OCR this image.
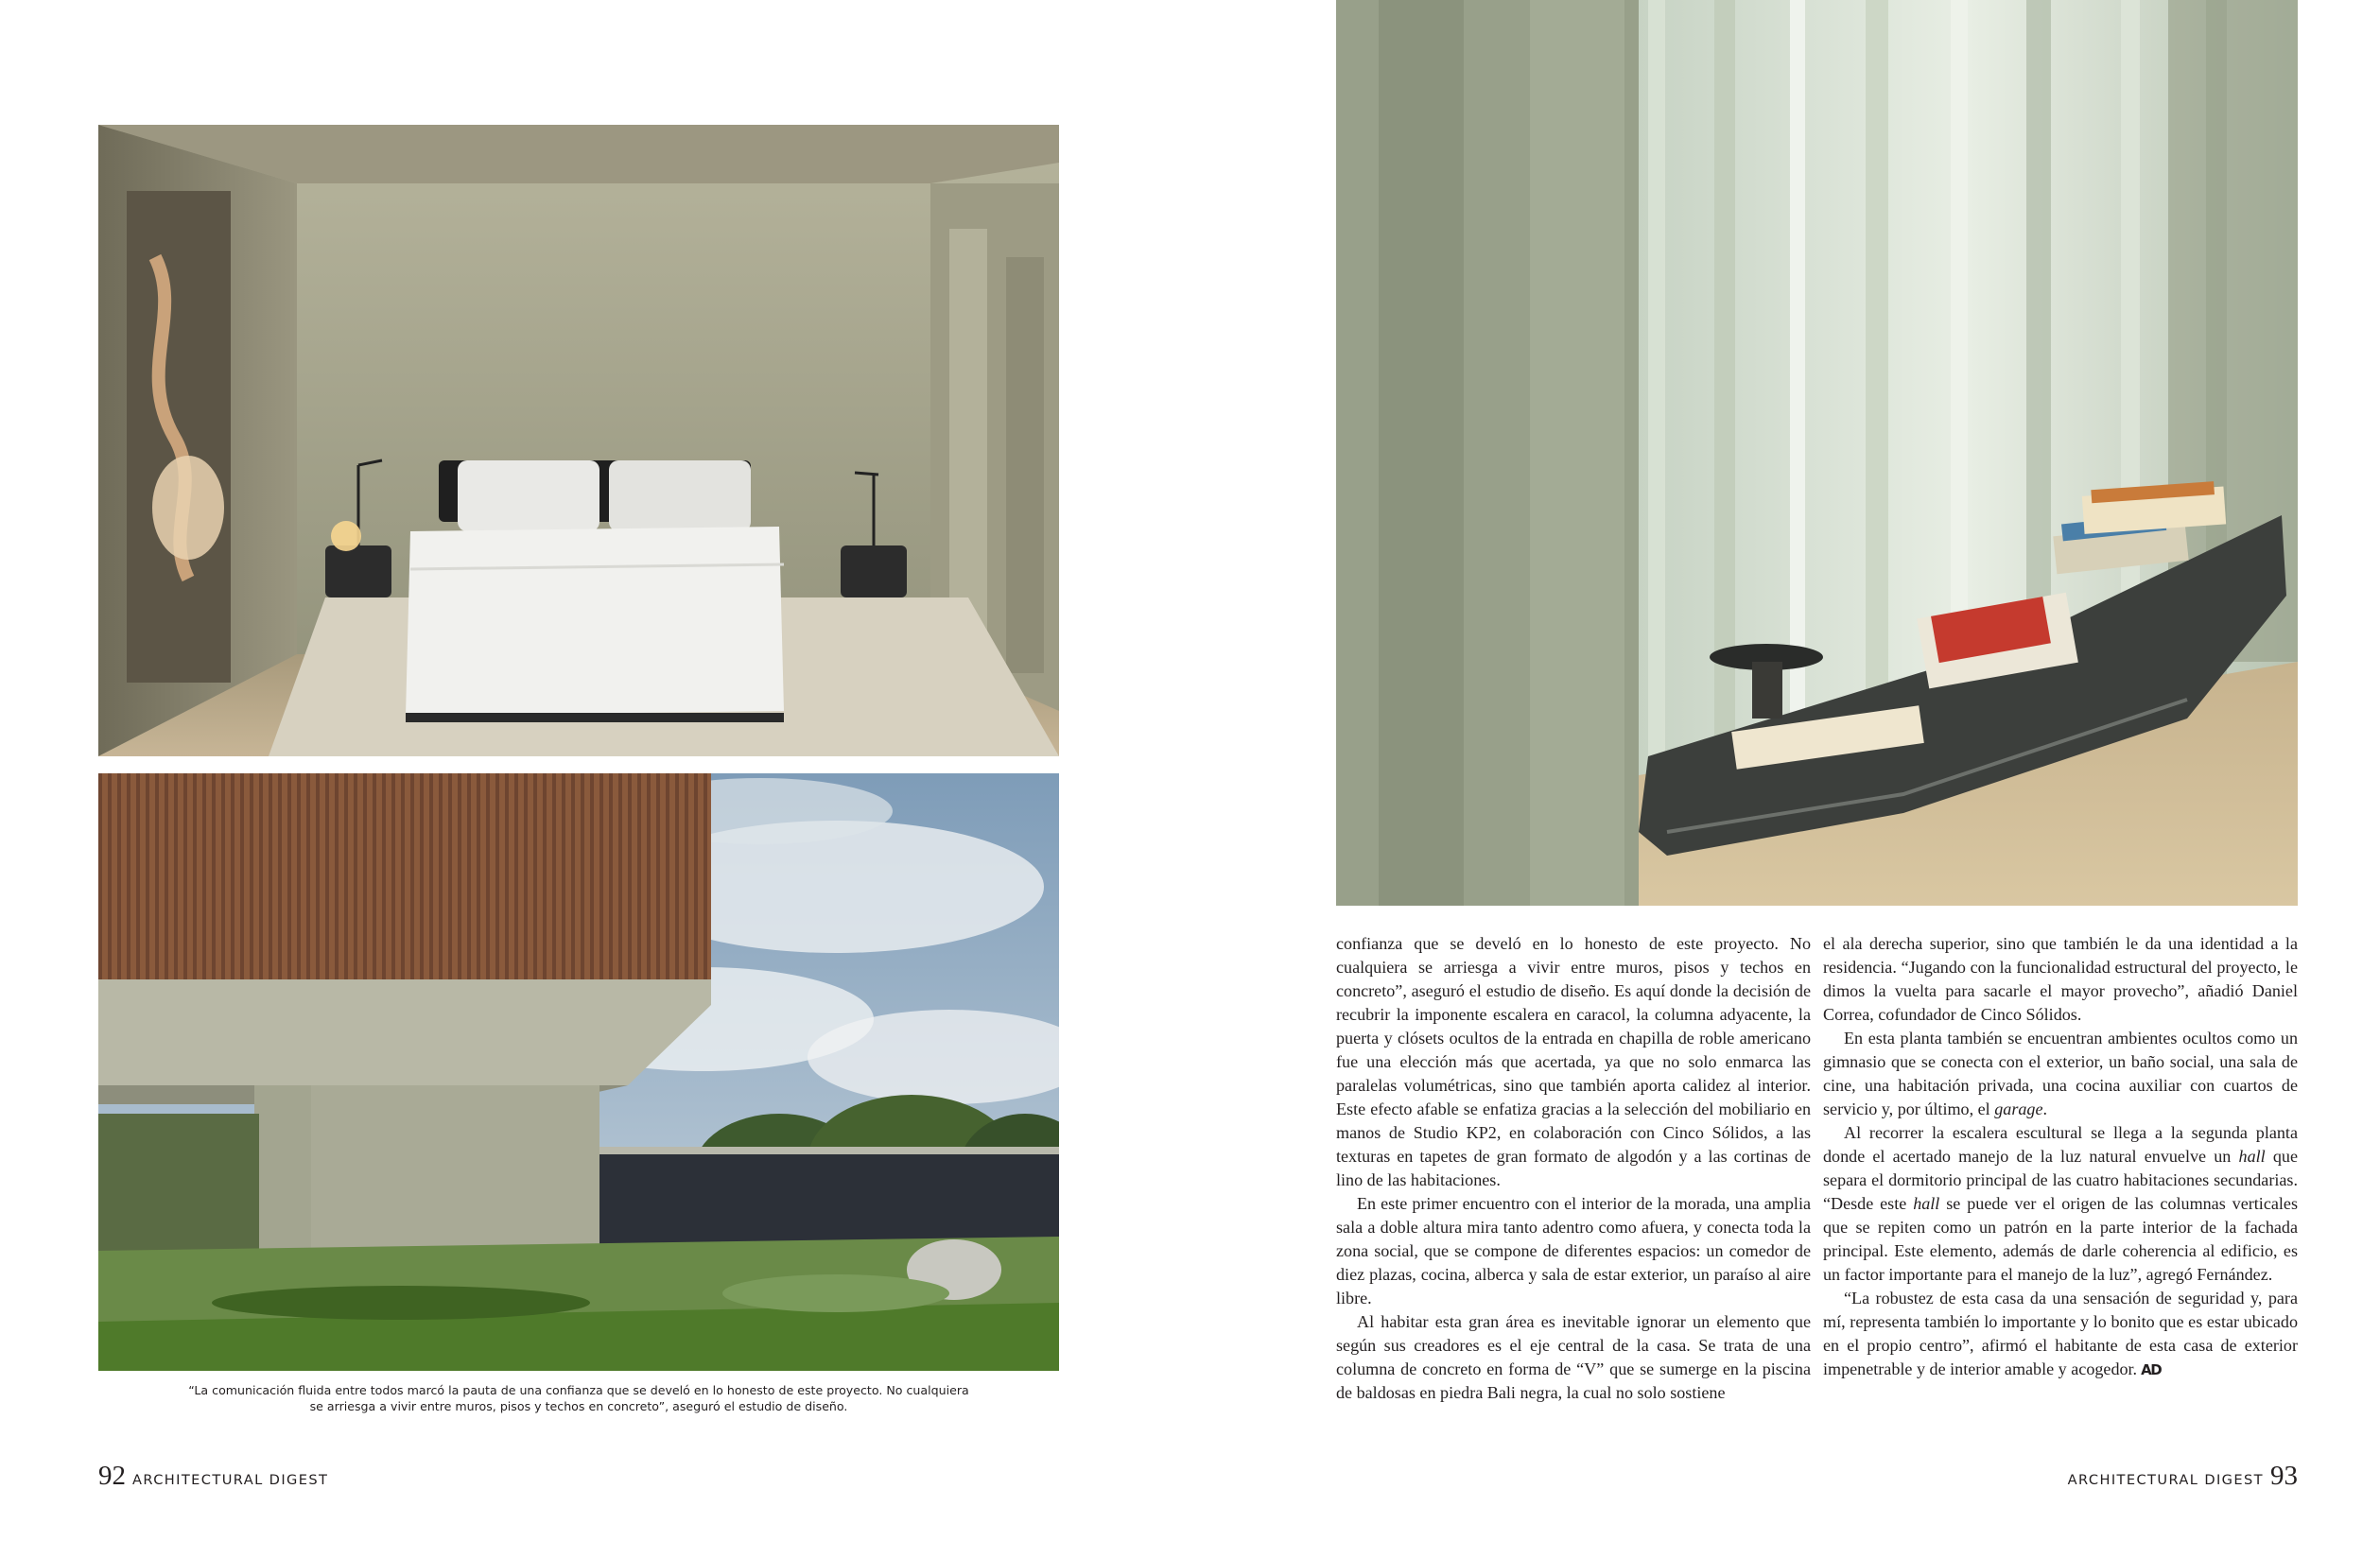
“La comunicación fluida entre todos marcó la pauta de una confianza que se develó en lo honesto de este proyecto. No cualquiera
se arriesga a vivir entre muros, pisos y techos en concreto”, aseguró el estudio de diseño.

confianza que se develó en lo honesto de este proyecto. No cualquiera se arriesga a vivir entre muros, pisos y techos en concreto”, aseguró el estudio de diseño. Es aquí donde la decisión de recubrir la imponente escalera en caracol, la columna adyacente, la puerta y clósets ocultos de la entrada en chapilla de roble americano fue una elección más que acertada, ya que no solo enmarca las paralelas volumétricas, sino que también aporta calidez al interior. Este efecto afable se enfatiza gracias a la selección del mobiliario en manos de Studio KP2, en colaboración con Cinco Sólidos, a las texturas en tapetes de gran formato de algodón y a las cortinas de lino de las habitaciones.

En este primer encuentro con el interior de la morada, una amplia sala a doble altura mira tanto adentro como afuera, y conecta toda la zona social, que se compone de diferentes espacios: un comedor de diez plazas, cocina, alberca y sala de estar exterior, un paraíso al aire libre.

Al habitar esta gran área es inevitable ignorar un elemento que según sus creadores es el eje central de la casa. Se trata de una columna de concreto en forma de “V” que se sumerge en la piscina de baldosas en piedra Bali negra, la cual no solo sostiene

el ala derecha superior, sino que también le da una identidad a la residencia. “Jugando con la funcionalidad estructural del proyecto, le dimos la vuelta para sacarle el mayor provecho”, añadió Daniel Correa, cofundador de Cinco Sólidos.

En esta planta también se encuentran ambientes ocultos como un gimnasio que se conecta con el exterior, un baño social, una sala de cine, una habitación privada, una cocina auxiliar con cuartos de servicio y, por último, el garage.

Al recorrer la escalera escultural se llega a la segunda planta donde el acertado manejo de la luz natural envuelve un hall que separa el dormitorio principal de las cuatro habitaciones secundarias. “Desde este hall se puede ver el origen de las columnas verticales que se repiten como un patrón en la parte interior de la fachada principal. Este elemento, además de darle coherencia al edificio, es un factor importante para el manejo de la luz”, agregó Fernández.

“La robustez de esta casa da una sensación de seguridad y, para mí, representa también lo importante y lo bonito que es estar ubicado en el propio centro”, afirmó el habitante de esta casa de exterior impenetrable y de interior amable y acogedor. AD

92 ARCHITECTURAL DIGEST	ARCHITECTURAL DIGEST 93
